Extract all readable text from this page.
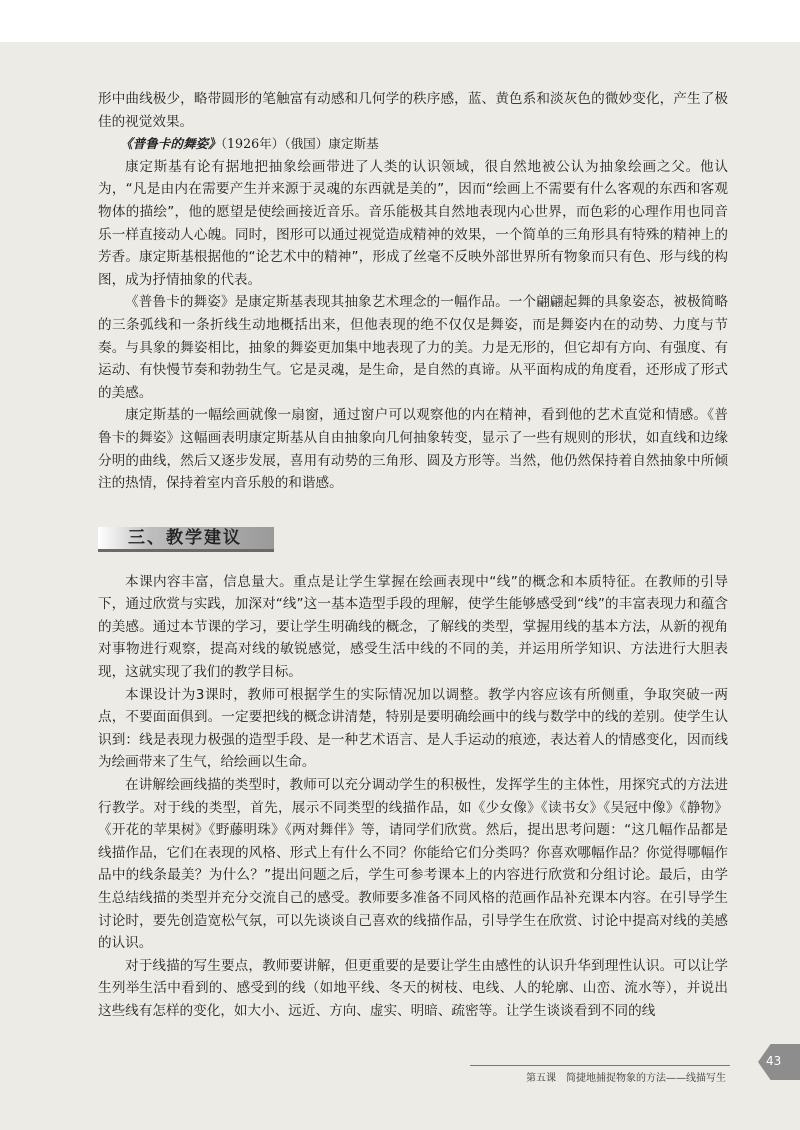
形中曲线极少，略带圆形的笔触富有动感和几何学的秩序感，蓝、黄色系和淡灰色的微妙变化，产生了极佳的视觉效果。

《普鲁卡的舞姿》（1926年）（俄国）康定斯基

康定斯基有论有据地把抽象绘画带进了人类的认识领域，很自然地被公认为抽象绘画之父。他认为，“凡是由内在需要产生并来源于灵魂的东西就是美的”，因而“绘画上不需要有什么客观的东西和客观物体的描绘”，他的愿望是使绘画接近音乐。音乐能极其自然地表现内心世界，而色彩的心理作用也同音乐一样直接动人心魄。同时，图形可以通过视觉造成精神的效果，一个简单的三角形具有特殊的精神上的芳香。康定斯基根据他的“论艺术中的精神”，形成了丝毫不反映外部世界所有物象而只有色、形与线的构图，成为抒情抽象的代表。

《普鲁卡的舞姿》是康定斯基表现其抽象艺术理念的一幅作品。一个翩翩起舞的具象姿态，被极简略的三条弧线和一条折线生动地概括出来，但他表现的绝不仅仅是舞姿，而是舞姿内在的动势、力度与节奏。与具象的舞姿相比，抽象的舞姿更加集中地表现了力的美。力是无形的，但它却有方向、有强度、有运动、有快慢节奏和勃勃生气。它是灵魂，是生命，是自然的真谛。从平面构成的角度看，还形成了形式的美感。

康定斯基的一幅绘画就像一扇窗，通过窗户可以观察他的内在精神，看到他的艺术直觉和情感。《普鲁卡的舞姿》这幅画表明康定斯基从自由抽象向几何抽象转变，显示了一些有规则的形状，如直线和边缘分明的曲线，然后又逐步发展，喜用有动势的三角形、圆及方形等。当然，他仍然保持着自然抽象中所倾注的热情，保持着室内音乐般的和谐感。

三、教学建议

本课内容丰富，信息量大。重点是让学生掌握在绘画表现中“线”的概念和本质特征。在教师的引导下，通过欣赏与实践，加深对“线”这一基本造型手段的理解，使学生能够感受到“线”的丰富表现力和蕴含的美感。通过本节课的学习，要让学生明确线的概念，了解线的类型，掌握用线的基本方法，从新的视角对事物进行观察，提高对线的敏锐感觉，感受生活中线的不同的美，并运用所学知识、方法进行大胆表现，这就实现了我们的教学目标。

本课设计为3课时，教师可根据学生的实际情况加以调整。教学内容应该有所侧重，争取突破一两点，不要面面俱到。一定要把线的概念讲清楚，特别是要明确绘画中的线与数学中的线的差别。使学生认识到：线是表现力极强的造型手段、是一种艺术语言、是人手运动的痕迹，表达着人的情感变化，因而线为绘画带来了生气，给绘画以生命。

在讲解绘画线描的类型时，教师可以充分调动学生的积极性，发挥学生的主体性，用探究式的方法进行教学。对于线的类型，首先，展示不同类型的线描作品，如《少女像》《读书女》《吴冠中像》《静物》《开花的苹果树》《野藤明珠》《两对舞伴》等，请同学们欣赏。然后，提出思考问题：“这几幅作品都是线描作品，它们在表现的风格、形式上有什么不同？你能给它们分类吗？你喜欢哪幅作品？你觉得哪幅作品中的线条最美？为什么？”提出问题之后，学生可参考课本上的内容进行欣赏和分组讨论。最后，由学生总结线描的类型并充分交流自己的感受。教师要多准备不同风格的范画作品补充课本内容。在引导学生讨论时，要先创造宽松气氛，可以先谈谈自己喜欢的线描作品，引导学生在欣赏、讨论中提高对线的美感的认识。

对于线描的写生要点，教师要讲解，但更重要的是要让学生由感性的认识升华到理性认识。可以让学生列举生活中看到的、感受到的线（如地平线、冬天的树枝、电线、人的轮廓、山峦、流水等），并说出这些线有怎样的变化，如大小、远近、方向、虚实、明暗、疏密等。让学生谈谈看到不同的线

第五课　简捷地捕捉物象的方法——线描写生
43
